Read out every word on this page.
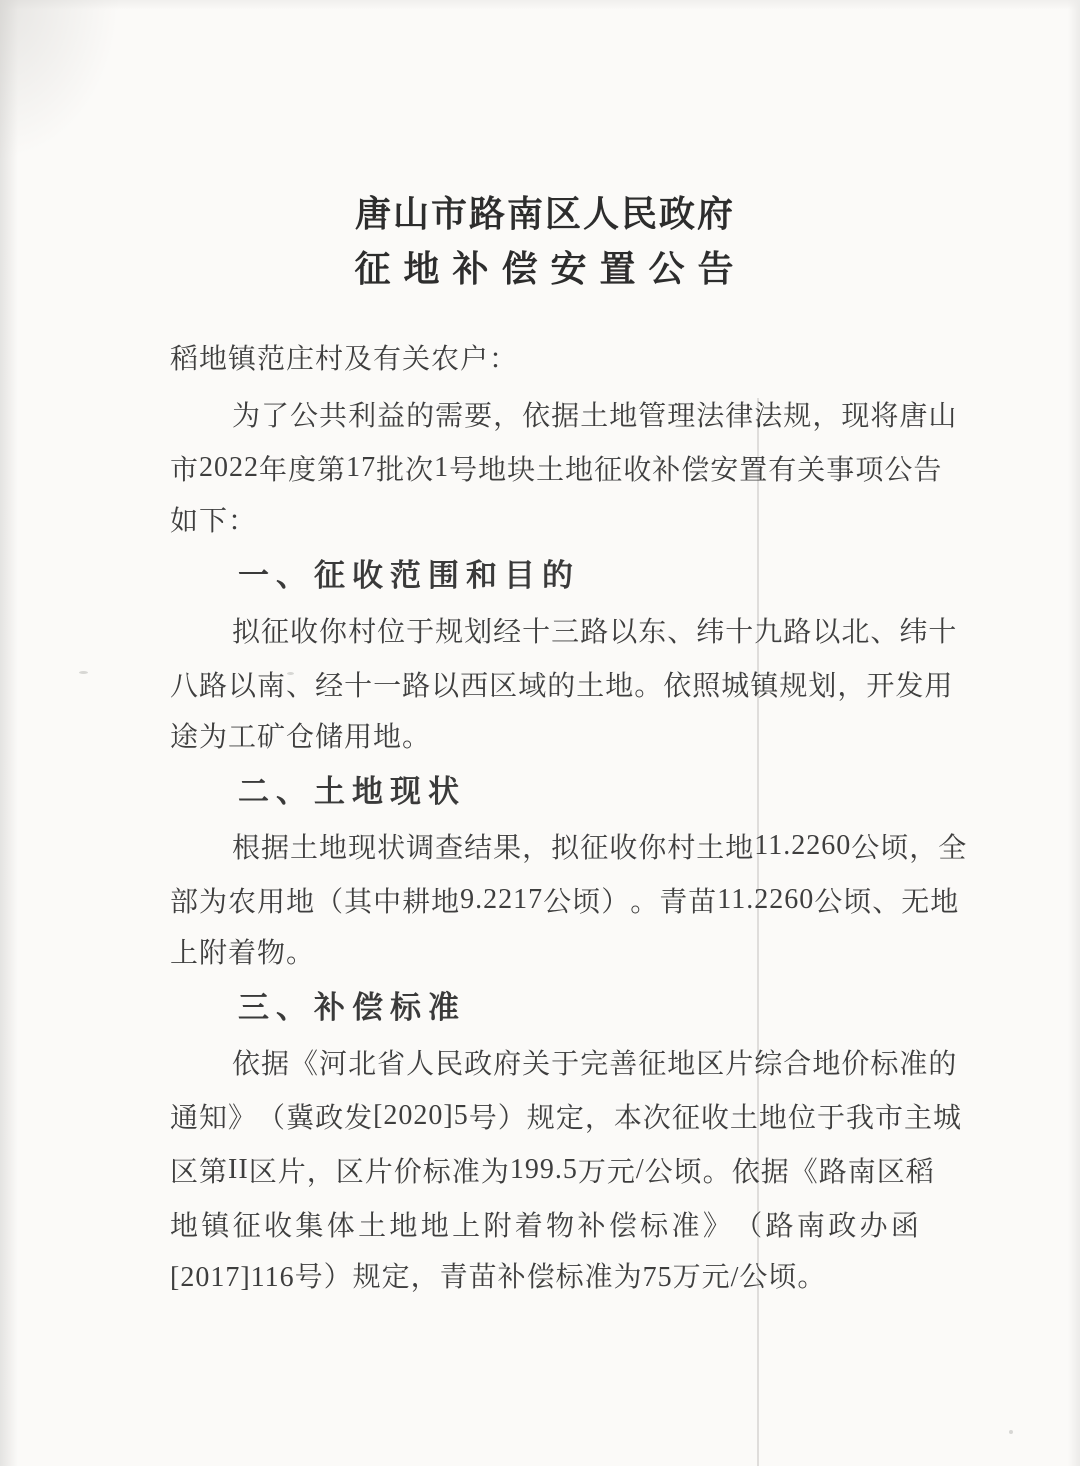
唐山市路南区人民政府
征 地 补 偿 安 置 公 告
稻地镇范庄村及有关农户：
为 了 公 共 利 益 的 需 要 ， 依 据 土 地 管 理 法 律 法 规 ， 现 将 唐 山
市 2022 年 度 第 17 批 次 1 号 地 块 土 地 征 收 补 偿 安 置 有 关 事 项 公 告
如下：
一、征收范围和目的
拟 征 收 你 村 位 于 规 划 经 十 三 路 以 东 、 纬 十 九 路 以 北 、 纬 十
八 路 以 南 、 经 十 一 路 以 西 区 域 的 土 地 。 依 照 城 镇 规 划 ， 开 发 用
途为工矿仓储用地。
二、土地现状
根 据 土 地 现 状 调 查 结 果 ， 拟 征 收 你 村 土 地 11. 2260 公 顷 ， 全
部 为 农 用 地 （ 其 中 耕 地 9. 2217 公 顷 ） 。 青 苗 11. 2260 公 顷 、 无 地
上附着物。
三、补偿标准
依 据 《 河 北 省 人 民 政 府 关 于 完 善 征 地 区 片 综 合 地 价 标 准 的
通 知 》 （ 冀 政 发 [2020]5 号 ） 规 定 ， 本 次 征 收 土 地 位 于 我 市 主 城
区 第 II 区 片 ， 区 片 价 标 准 为 199. 5 万 元 / 公 顷 。 依 据 《 路 南 区 稻
地 镇 征 收 集 体 土 地 地 上 附 着 物 补 偿 标 准 》 （ 路 南 政 办 函
[2017]116号）规定，青苗补偿标准为75万元/公顷。
